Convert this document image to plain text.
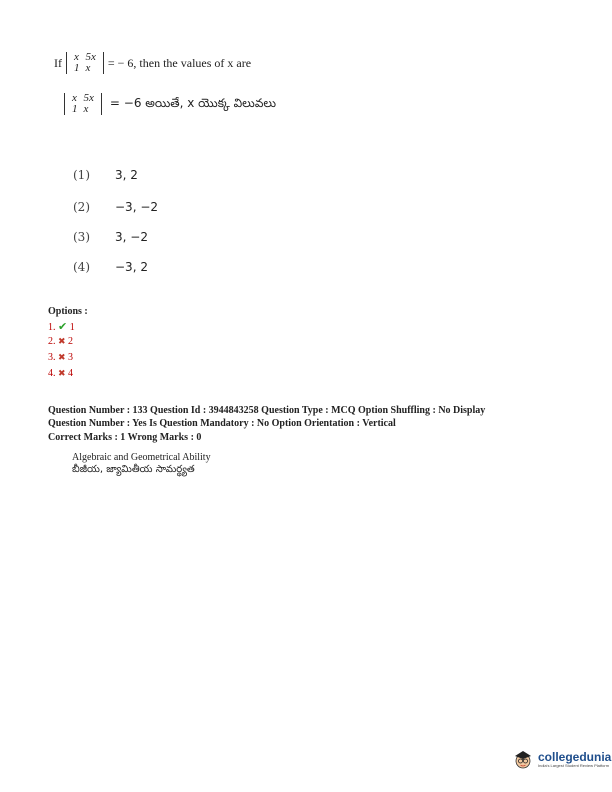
If x	5x
1	x = − 6, then the values of x are
x	5x
1	x = −6 అయితే, x యొక్క విలువలు
(1)	3, 2
(2)	−3, −2
(3)	3, −2
(4)	−3, 2
Options :
1. ✔ 1
2. ✖ 2
3. ✖ 3
4. ✖ 4
Question Number : 133 Question Id : 3944843258 Question Type : MCQ Option Shuffling : No Display
Question Number : Yes Is Question Mandatory : No Option Orientation : Vertical
Correct Marks : 1 Wrong Marks : 0
Algebraic and Geometrical Ability
బీజీయ, జ్యామితీయ సామర్థ్యత
collegedunia
India's Largest Student Review Platform
